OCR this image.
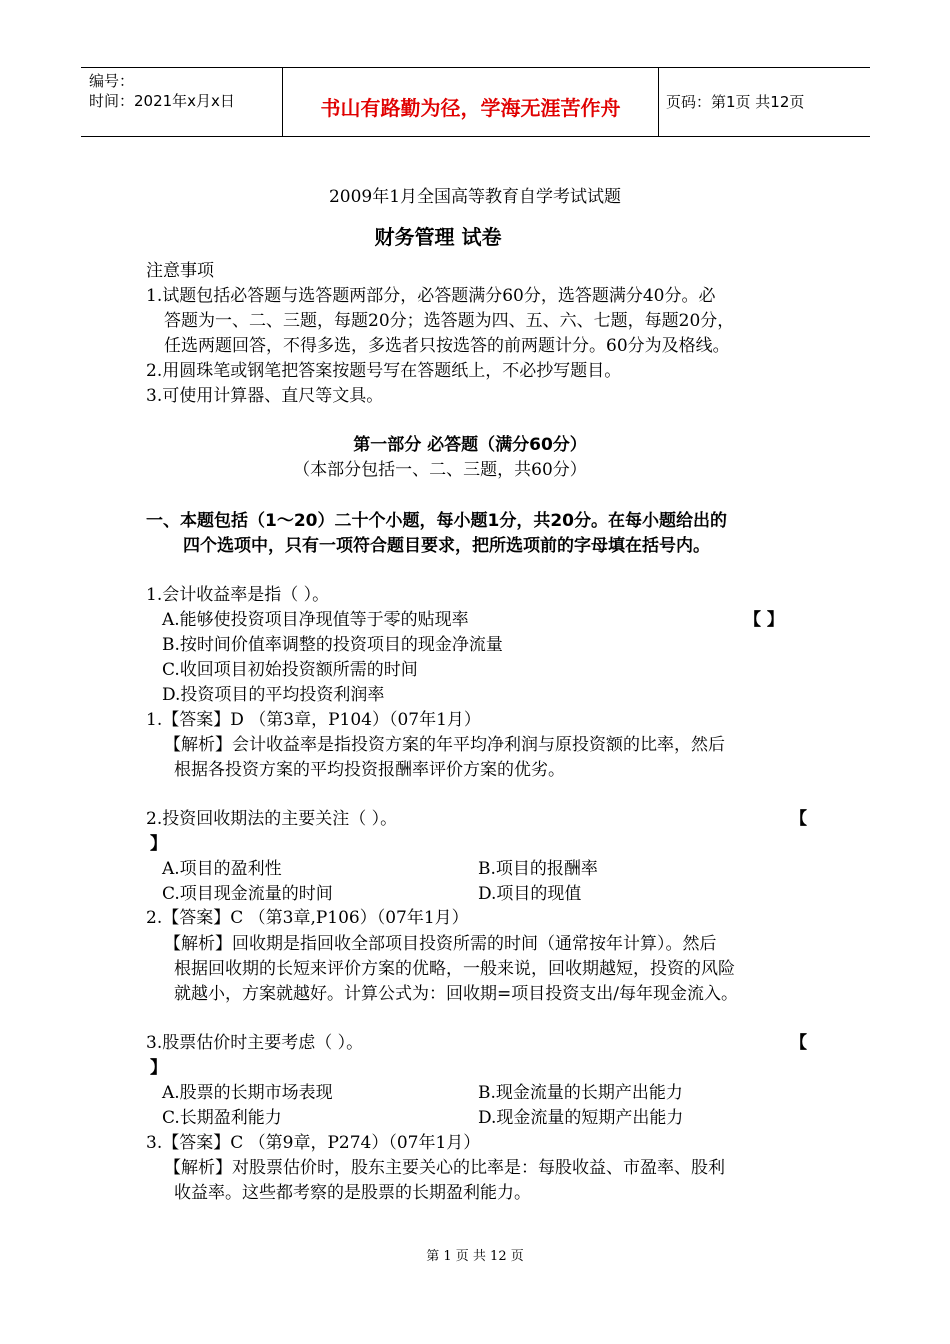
编号：
时间：2021年x月x日	书山有路勤为径，学海无涯苦作舟	页码：第1页 共12页
2009年1月全国高等教育自学考试试题
财务管理 试卷
注意事项
1.试题包括必答题与选答题两部分，必答题满分60分，选答题满分40分。必
答题为一、二、三题，每题20分；选答题为四、五、六、七题，每题20分，
任选两题回答，不得多选，多选者只按选答的前两题计分。60分为及格线。
2.用圆珠笔或钢笔把答案按题号写在答题纸上，不必抄写题目。
3.可使用计算器、直尺等文具。
第一部分 必答题（满分60分）
（本部分包括一、二、三题，共60分）
一、本题包括（1～20）二十个小题，每小题1分，共20分。在每小题给出的
四个选项中，只有一项符合题目要求，把所选项前的字母填在括号内。
1.会计收益率是指（ ）。
【 】
A.能够使投资项目净现值等于零的贴现率
B.按时间价值率调整的投资项目的现金净流量
C.收回项目初始投资额所需的时间
D.投资项目的平均投资利润率
1.【答案】D （第3章，P104）（07年1月）
【解析】会计收益率是指投资方案的年平均净利润与原投资额的比率，然后
根据各投资方案的平均投资报酬率评价方案的优劣。
2.投资回收期法的主要关注（ ）。	【
】
A.项目的盈利性	B.项目的报酬率
C.项目现金流量的时间	D.项目的现值
2.【答案】C （第3章,P106）（07年1月）
【解析】回收期是指回收全部项目投资所需的时间（通常按年计算）。然后
根据回收期的长短来评价方案的优略，一般来说，回收期越短，投资的风险
就越小，方案就越好。计算公式为：回收期=项目投资支出/每年现金流入。
3.股票估价时主要考虑（ ）。	【
】
A.股票的长期市场表现	B.现金流量的长期产出能力
C.长期盈利能力	D.现金流量的短期产出能力
3.【答案】C （第9章，P274）（07年1月）
【解析】对股票估价时，股东主要关心的比率是：每股收益、市盈率、股利
收益率。这些都考察的是股票的长期盈利能力。
第 1 页 共 12 页
